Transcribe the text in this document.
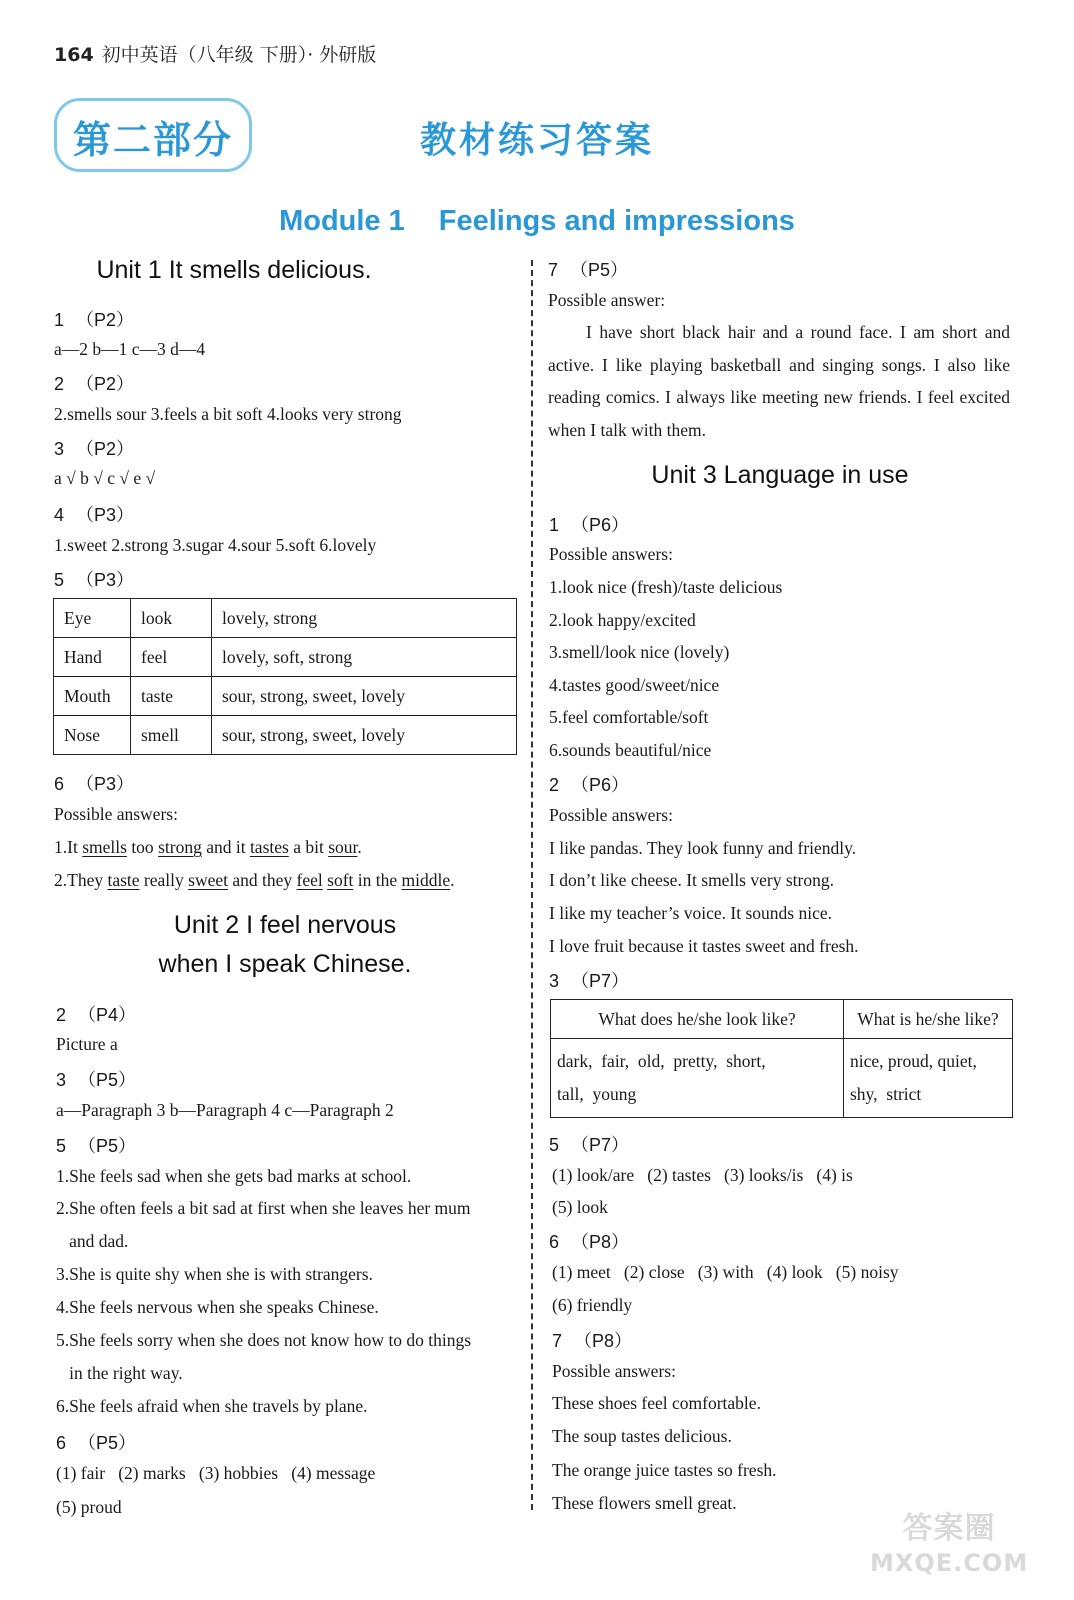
164 初中英语（八年级 下册）· 外研版
第二部分	教材练习答案
Module 1 Feelings and impressions
Unit 1 It smells delicious.
1 （P2）
a—2 b—1 c—3 d—4
2 （P2）
2.smells sour 3.feels a bit soft 4.looks very strong
3 （P2）
a √ b √ c √ e √
4 （P3）
1.sweet 2.strong 3.sugar 4.sour 5.soft 6.lovely
5 （P3）
Eye	look	lovely, strong
Hand	feel	lovely, soft, strong
Mouth	taste	sour, strong, sweet, lovely
Nose	smell	sour, strong, sweet, lovely
6 （P3）
Possible answers:
1.It smells too strong and it tastes a bit sour.
2.They taste really sweet and they feel soft in the middle.
Unit 2 I feel nervous
when I speak Chinese.
2 （P4）
Picture a
3 （P5）
a—Paragraph 3 b—Paragraph 4 c—Paragraph 2
5 （P5）
1.She feels sad when she gets bad marks at school.
2.She often feels a bit sad at first when she leaves her mum
and dad.
3.She is quite shy when she is with strangers.
4.She feels nervous when she speaks Chinese.
5.She feels sorry when she does not know how to do things
in the right way.
6.She feels afraid when she travels by plane.
6 （P5）
(1) fair   (2) marks   (3) hobbies   (4) message
(5) proud
7 （P5）
Possible answer:
I have short black hair and a round face. I am short and active. I like playing basketball and singing songs. I also like reading comics. I always like meeting new friends. I feel excited when I talk with them.
Unit 3 Language in use
1 （P6）
Possible answers:
1.look nice (fresh)/taste delicious
2.look happy/excited
3.smell/look nice (lovely)
4.tastes good/sweet/nice
5.feel comfortable/soft
6.sounds beautiful/nice
2 （P6）
Possible answers:
I like pandas. They look funny and friendly.
I don’t like cheese. It smells very strong.
I like my teacher’s voice. It sounds nice.
I love fruit because it tastes sweet and fresh.
3 （P7）
What does he/she look like?	What is he/she like?
dark,  fair,  old,  pretty,  short,
tall,  young	nice, proud, quiet,
shy,  strict
5 （P7）
(1) look/are   (2) tastes   (3) looks/is   (4) is
(5) look
6 （P8）
(1) meet   (2) close   (3) with   (4) look   (5) noisy
(6) friendly
7 （P8）
Possible answers:
These shoes feel comfortable.
The soup tastes delicious.
The orange juice tastes so fresh.
These flowers smell great.
答案圈
MXQE.COM
